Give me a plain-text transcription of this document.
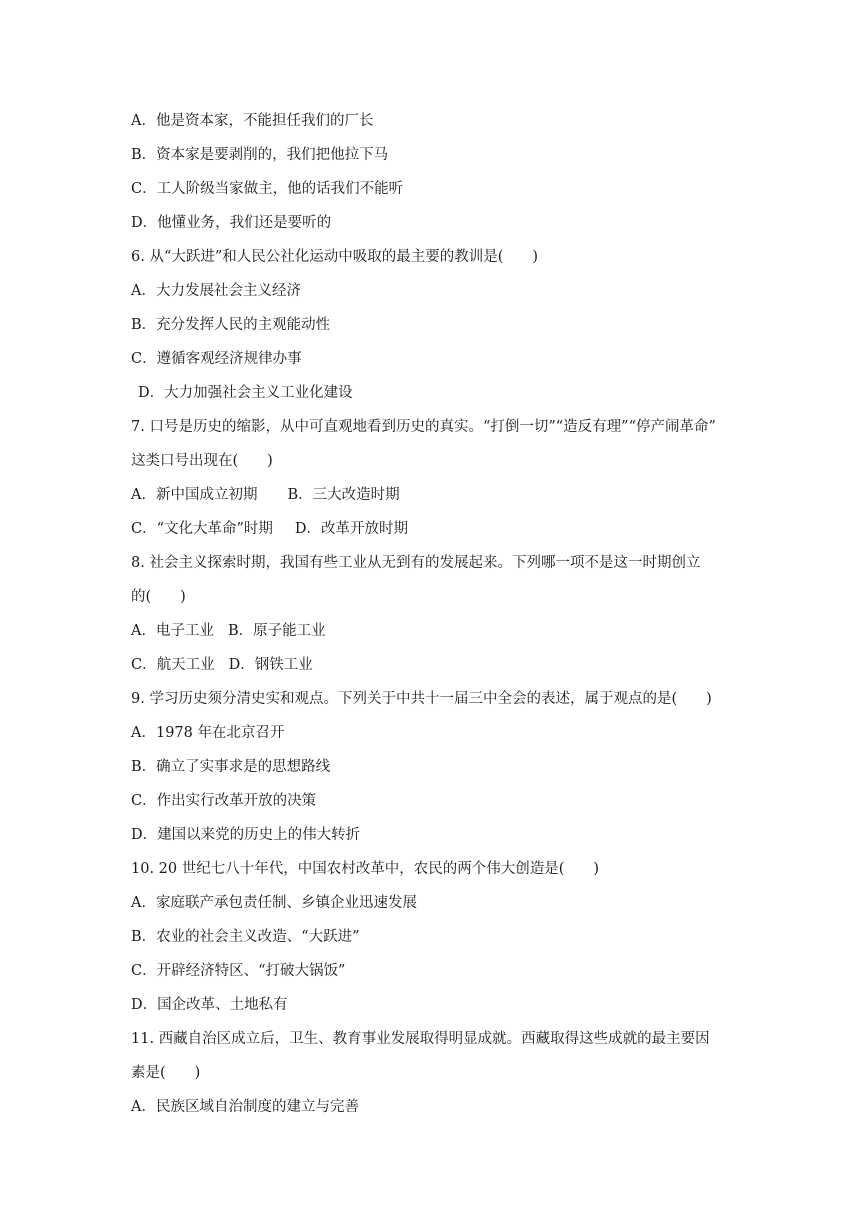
A．他是资本家，不能担任我们的厂长
B．资本家是要剥削的，我们把他拉下马
C．工人阶级当家做主，他的话我们不能听
D．他懂业务，我们还是要听的
6. 从“大跃进”和人民公社化运动中吸取的最主要的教训是(　　)
A．大力发展社会主义经济
B．充分发挥人民的主观能动性
C．遵循客观经济规律办事
D．大力加强社会主义工业化建设
7. 口号是历史的缩影，从中可直观地看到历史的真实。“打倒一切”“造反有理”“停产闹革命”
这类口号出现在(　　)
A．新中国成立初期 B．三大改造时期
C．“文化大革命”时期 D．改革开放时期
8. 社会主义探索时期，我国有些工业从无到有的发展起来。下列哪一项不是这一时期创立
的(　　)
A．电子工业 B．原子能工业
C．航天工业 D．钢铁工业
9. 学习历史须分清史实和观点。下列关于中共十一届三中全会的表述，属于观点的是(　　)
A．1978 年在北京召开
B．确立了实事求是的思想路线
C．作出实行改革开放的决策
D．建国以来党的历史上的伟大转折
10. 20 世纪七八十年代，中国农村改革中，农民的两个伟大创造是(　　)
A．家庭联产承包责任制、乡镇企业迅速发展
B．农业的社会主义改造、“大跃进”
C．开辟经济特区、“打破大锅饭”
D．国企改革、土地私有
11. 西藏自治区成立后，卫生、教育事业发展取得明显成就。西藏取得这些成就的最主要因
素是(　　)
A．民族区域自治制度的建立与完善
